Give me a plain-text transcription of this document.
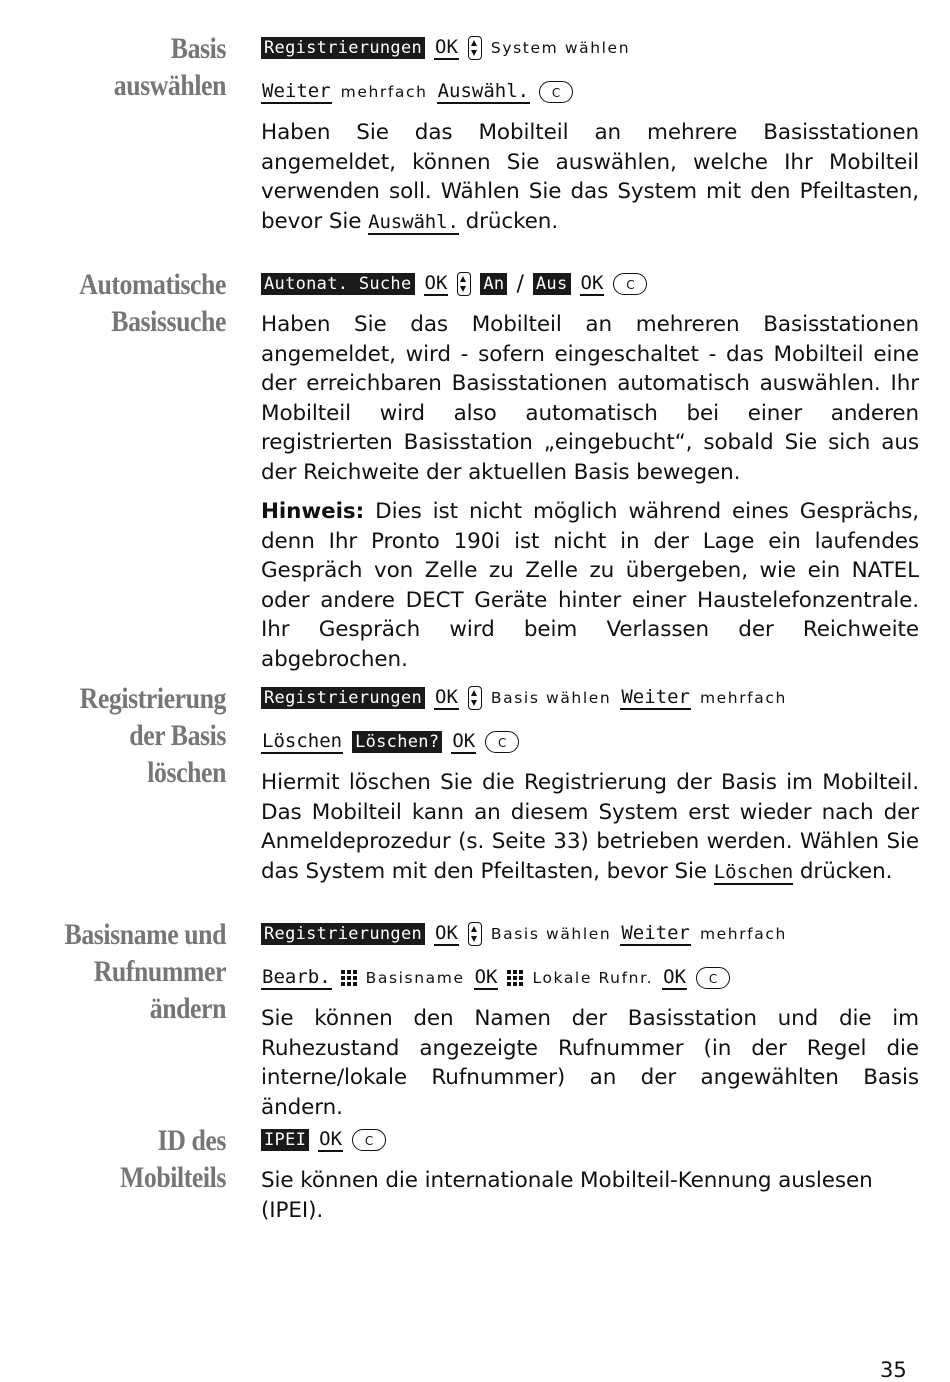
Basis
auswählen
Registrierungen OK System wählen
Weiter mehrfach Auswähl.	C

Haben Sie das Mobilteil an mehrere Basisstationen angemeldet, können Sie auswählen, welche Ihr Mobilteil verwenden soll. Wählen Sie das System mit den Pfeiltasten, bevor Sie Auswähl. drücken.

Automatische
Basissuche
Autonat. Suche OK An / Aus OK	C

Haben Sie das Mobilteil an mehreren Basisstationen angemeldet, wird - sofern eingeschaltet - das Mobilteil eine der erreichbaren Basisstationen automatisch auswählen. Ihr Mobilteil wird also automatisch bei einer anderen registrierten Basisstation „eingebucht“, sobald Sie sich aus der Reichweite der aktuellen Basis bewegen.

Hinweis: Dies ist nicht möglich während eines Gesprächs, denn Ihr Pronto 190i ist nicht in der Lage ein laufendes Gespräch von Zelle zu Zelle zu übergeben, wie ein NATEL oder andere DECT Geräte hinter einer Haustelefonzentrale. Ihr Gespräch wird beim Verlassen der Reichweite abgebrochen.

Registrierung
der Basis
löschen
Registrierungen OK Basis wählen Weiter mehrfach
Löschen Löschen? OK	C

Hiermit löschen Sie die Registrierung der Basis im Mobilteil. Das Mobilteil kann an diesem System erst wieder nach der Anmeldeprozedur (s. Seite 33) betrieben werden. Wählen Sie das System mit den Pfeiltasten, bevor Sie Löschen drücken.

Basisname und
Rufnummer
ändern
Registrierungen OK Basis wählen Weiter mehrfach
Bearb. Basisname OK Lokale Rufnr. OK	C

Sie können den Namen der Basisstation und die im Ruhezustand angezeigte Rufnummer (in der Regel die interne/lokale Rufnummer) an der angewählten Basis ändern.

ID des
Mobilteils
IPEI OK	C

Sie können die internationale Mobilteil-Kennung auslesen (IPEI).

35
